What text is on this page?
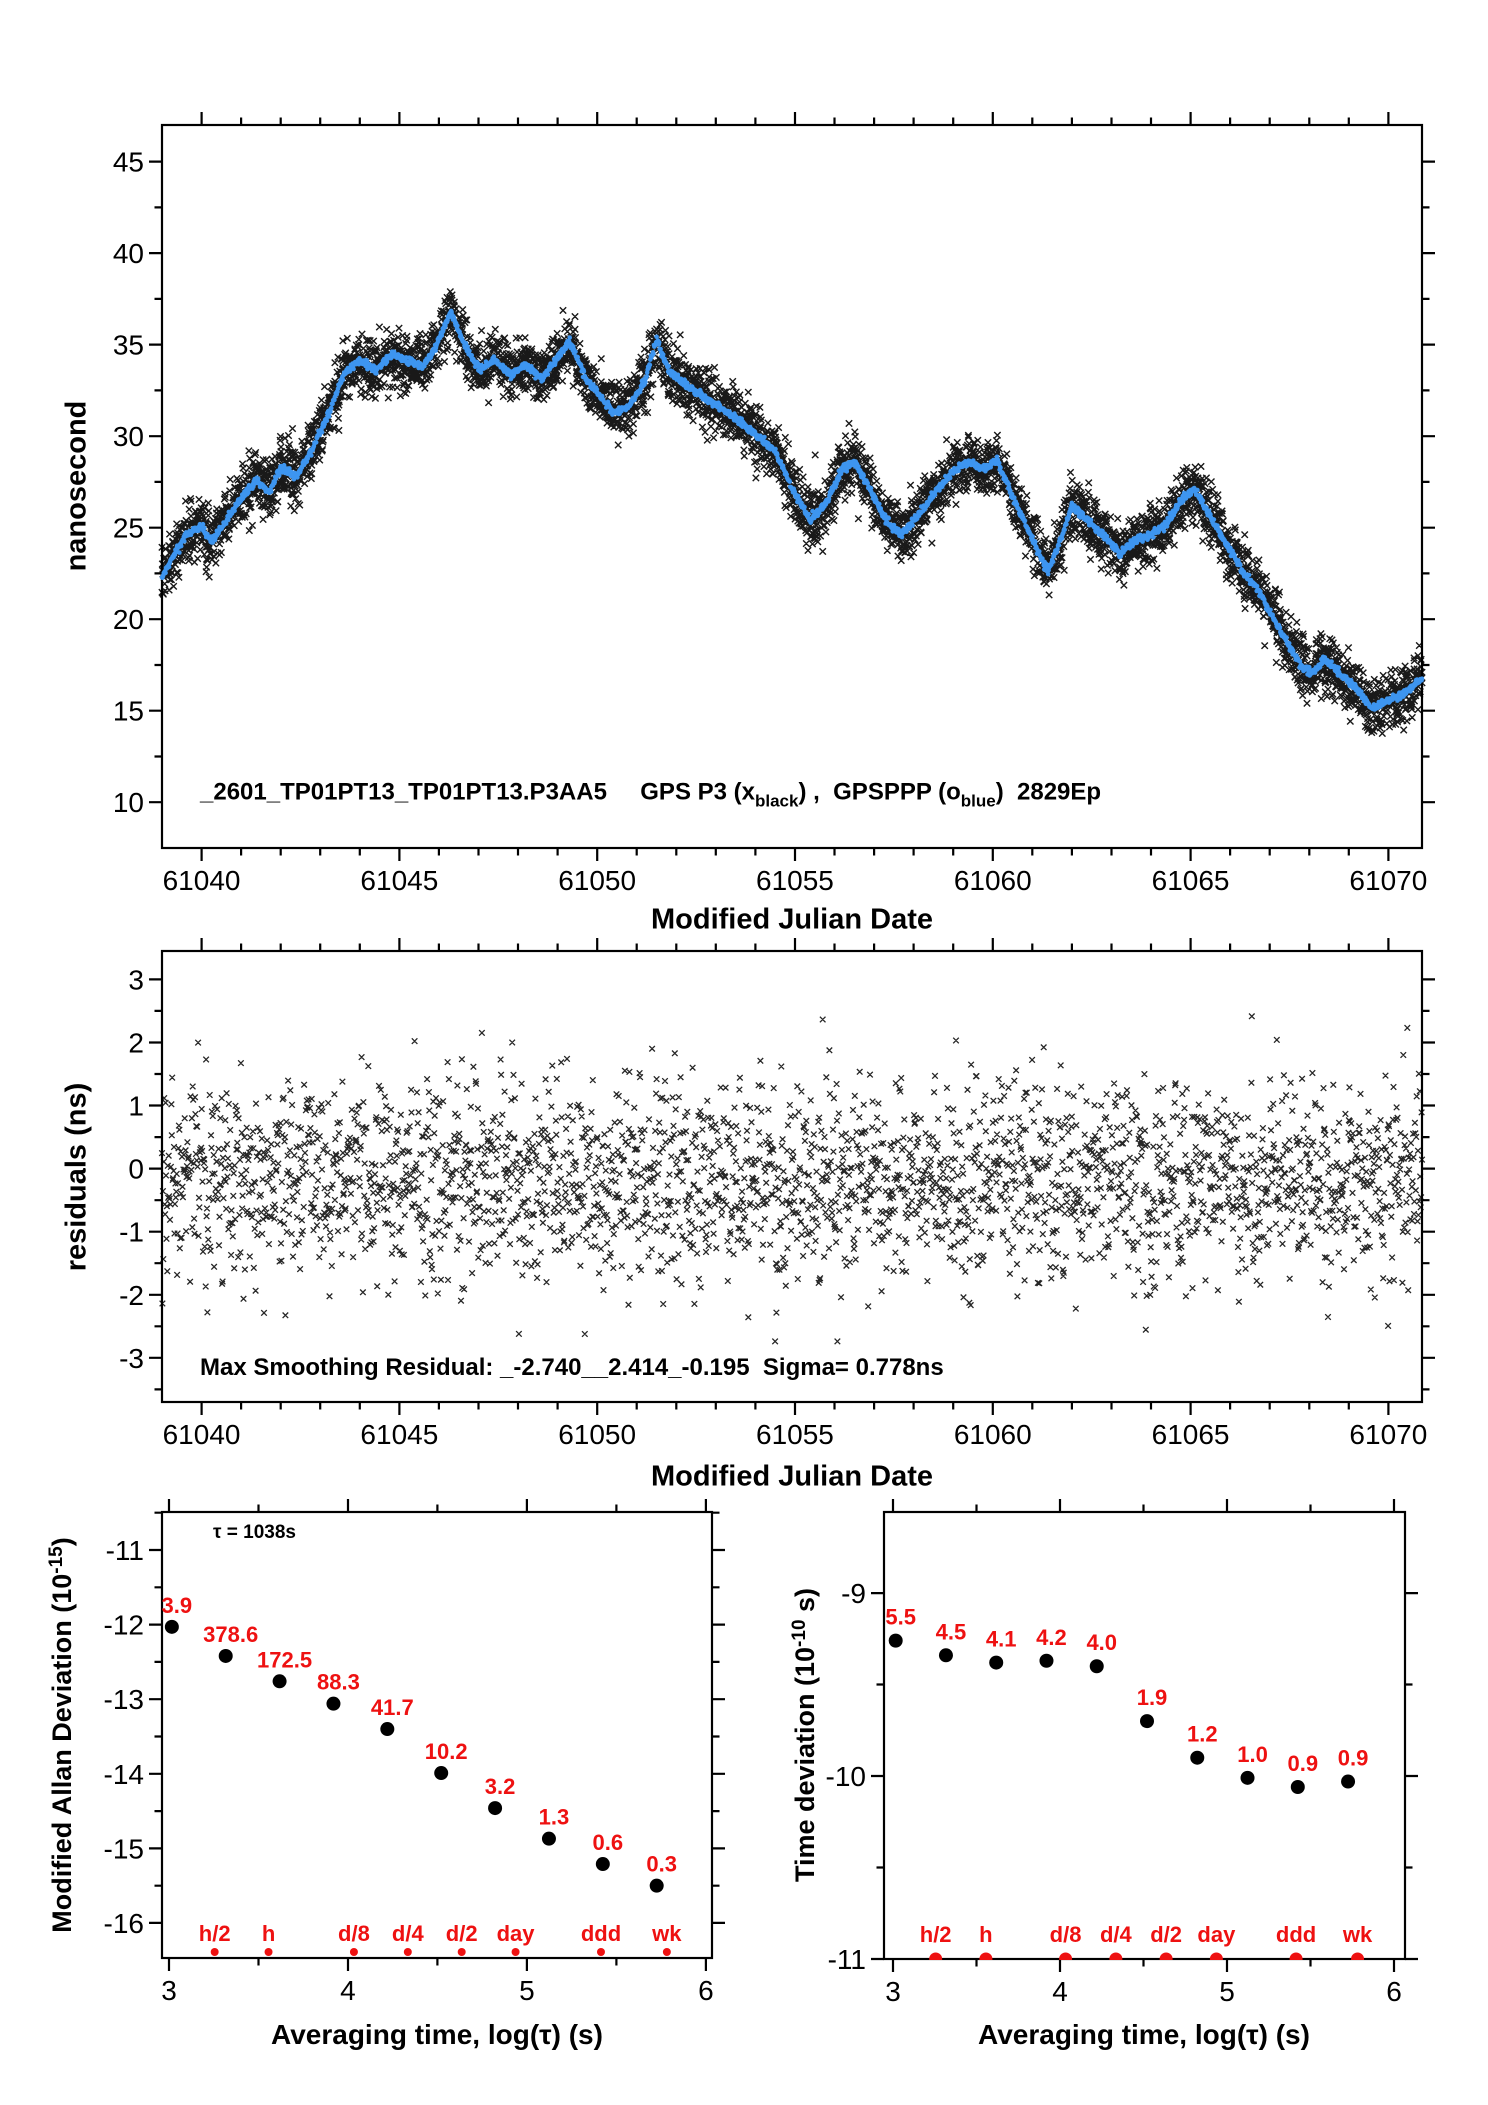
61040	61045	61050	61055	61060	61065	61070
10
15
20
25
30
35
40
45
61040	61045	61050	61055	61060	61065	61070
-3
-2
-1
0
1
2
3
3	4	5	6
-16
-15
-14
-13
-12
-11
h/2 h	d/8 d/4 d/2 day ddd wk
3.9
378.6
172.5
88.3
41.7
10.2
3.2
1.3
0.6
0.3
3	4	5	6
-11
-10
-9
h/2 h	d/8 d/4 d/2 day ddd wk
5.5
4.5 4.1 4.2 4.0
1.9
1.2
1.0 0.9 0.9
nanosecond
Modified Julian Date
_2601_TP01PT13_TP01PT13.P3AA5 GPS P3 $(x_{black})$ ,  GPSPPP $(o_{blue})$  2829Ep
residuals (ns)
Modified Julian Date
Max Smoothing Residual: _-2.740__2.414_-0.195  Sigma= 0.778ns
Modified Allan Deviation $(10^{-15})$
Averaging time, log(τ) (s)
τ = 1038s
Time deviation ($10^{-10}$ s)
Averaging time, log(τ) (s)
